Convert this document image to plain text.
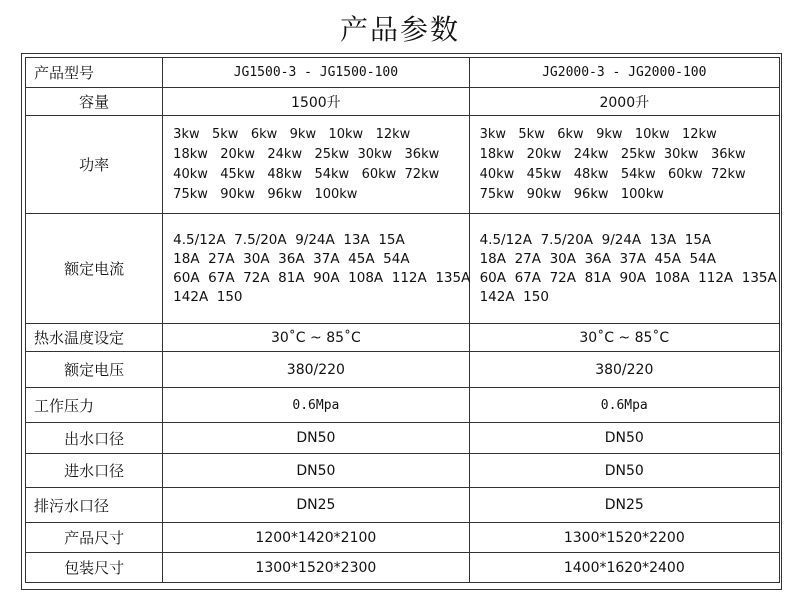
产品参数
产品型号	JG1500-3 - JG1500-100	JG2000-3 - JG2000-100
容量	1500升	2000升
功率	3kw   5kw   6kw   9kw   10kw   12kw
18kw   20kw   24kw   25kw  30kw   36kw
40kw   45kw   48kw   54kw   60kw  72kw
75kw   90kw   96kw   100kw	3kw   5kw   6kw   9kw   10kw   12kw
18kw   20kw   24kw   25kw  30kw   36kw
40kw   45kw   48kw   54kw   60kw  72kw
75kw   90kw   96kw   100kw

额定电流	4.5/12A  7.5/20A  9/24A  13A  15A
18A  27A  30A  36A  37A  45A  54A
60A  67A  72A  81A  90A  108A  112A  135A
142A  150	4.5/12A  7.5/20A  9/24A  13A  15A
18A  27A  30A  36A  37A  45A  54A
60A  67A  72A  81A  90A  108A  112A  135A
142A  150

热水温度设定	30˚C ~ 85˚C	30˚C ~ 85˚C
额定电压	380/220	380/220
工作压力	0.6Mpa	0.6Mpa
出水口径	DN50	DN50
进水口径	DN50	DN50
排污水口径	DN25	DN25
产品尺寸	1200*1420*2100	1300*1520*2200
包装尺寸	1300*1520*2300	1400*1620*2400
